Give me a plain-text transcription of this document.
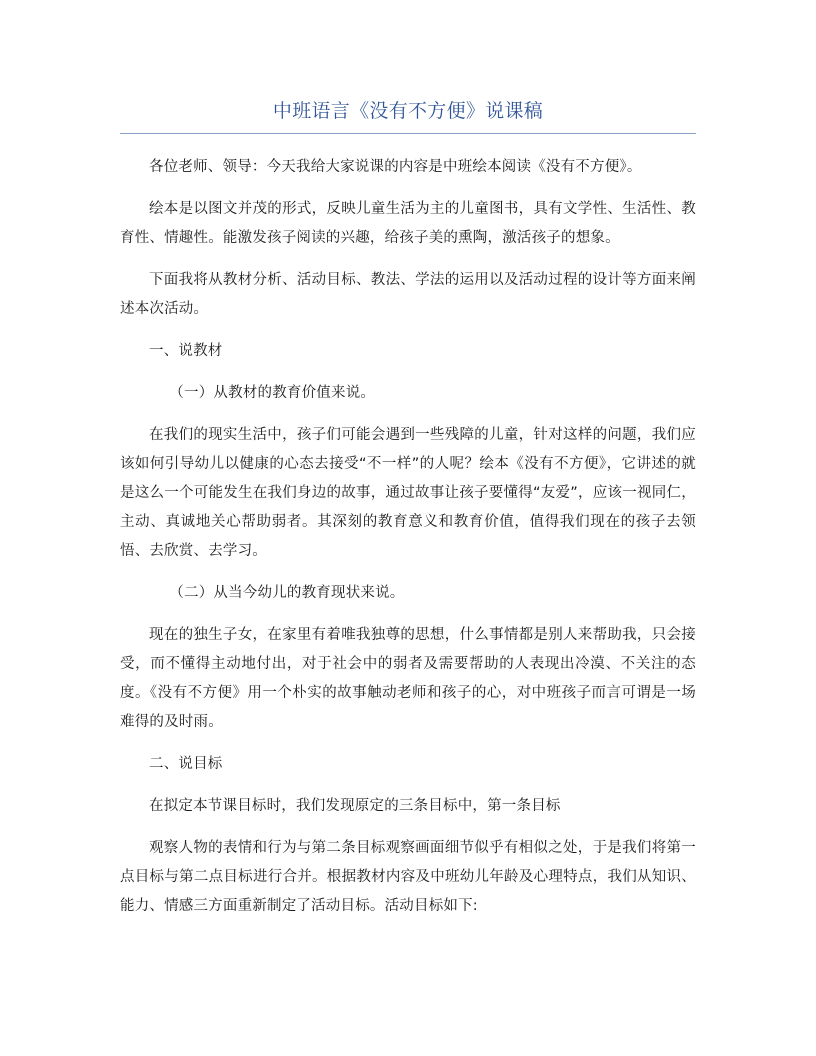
中班语言《没有不方便》说课稿

各位老师、领导：今天我给大家说课的内容是中班绘本阅读《没有不方便》。

绘本是以图文并茂的形式，反映儿童生活为主的儿童图书，具有文学性、生活性、教育性、情趣性。能激发孩子阅读的兴趣，给孩子美的熏陶，激活孩子的想象。

下面我将从教材分析、活动目标、教法、学法的运用以及活动过程的设计等方面来阐述本次活动。

一、说教材

（一）从教材的教育价值来说。

在我们的现实生活中，孩子们可能会遇到一些残障的儿童，针对这样的问题，我们应该如何引导幼儿以健康的心态去接受“不一样”的人呢？绘本《没有不方便》，它讲述的就是这么一个可能发生在我们身边的故事，通过故事让孩子要懂得“友爱”，应该一视同仁，主动、真诚地关心帮助弱者。其深刻的教育意义和教育价值，值得我们现在的孩子去领悟、去欣赏、去学习。

（二）从当今幼儿的教育现状来说。

现在的独生子女，在家里有着唯我独尊的思想，什么事情都是别人来帮助我，只会接受，而不懂得主动地付出，对于社会中的弱者及需要帮助的人表现出冷漠、不关注的态度。《没有不方便》用一个朴实的故事触动老师和孩子的心，对中班孩子而言可谓是一场难得的及时雨。

二、说目标

在拟定本节课目标时，我们发现原定的三条目标中，第一条目标

观察人物的表情和行为与第二条目标观察画面细节似乎有相似之处，于是我们将第一点目标与第二点目标进行合并。根据教材内容及中班幼儿年龄及心理特点，我们从知识、能力、情感三方面重新制定了活动目标。活动目标如下:
